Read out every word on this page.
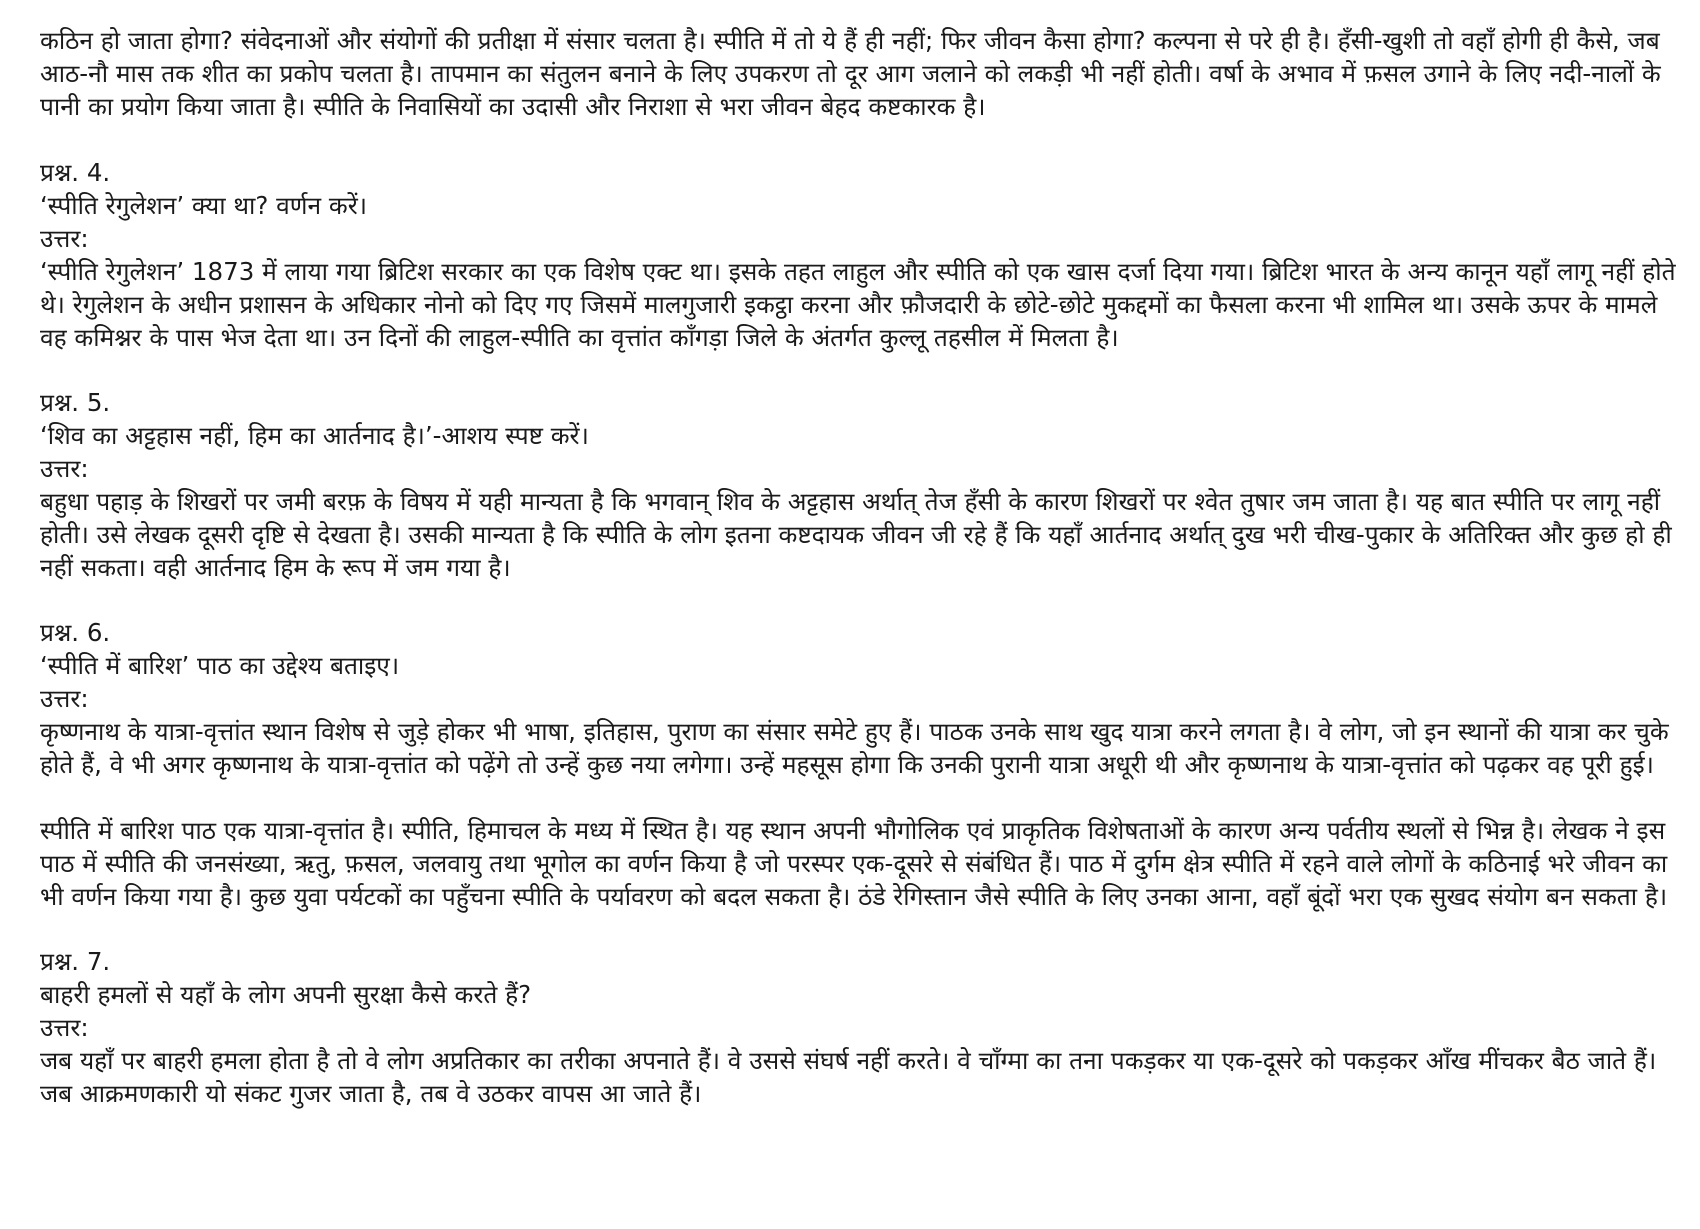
कठिन हो जाता होगा? संवेदनाओं और संयोगों की प्रतीक्षा में संसार चलता है। स्पीति में तो ये हैं ही नहीं; फिर जीवन कैसा होगा? कल्पना से परे ही है। हँसी-खुशी तो वहाँ होगी ही कैसे, जब आठ-नौ मास तक शीत का प्रकोप चलता है। तापमान का संतुलन बनाने के लिए उपकरण तो दूर आग जलाने को लकड़ी भी नहीं होती। वर्षा के अभाव में फ़सल उगाने के लिए नदी-नालों के पानी का प्रयोग किया जाता है। स्पीति के निवासियों का उदासी और निराशा से भरा जीवन बेहद कष्टकारक है।

प्रश्न. 4.

‘स्पीति रेगुलेशन’ क्या था? वर्णन करें।

उत्तर:

‘स्पीति रेगुलेशन’ 1873 में लाया गया ब्रिटिश सरकार का एक विशेष एक्ट था। इसके तहत लाहुल और स्पीति को एक खास दर्जा दिया गया। ब्रिटिश भारत के अन्य कानून यहाँ लागू नहीं होते थे। रेगुलेशन के अधीन प्रशासन के अधिकार नोनो को दिए गए जिसमें मालगुजारी इकट्ठा करना और फ़ौजदारी के छोटे-छोटे मुकद्दमों का फैसला करना भी शामिल था। उसके ऊपर के मामले वह कमिश्नर के पास भेज देता था। उन दिनों की लाहुल-स्पीति का वृत्तांत काँगड़ा जिले के अंतर्गत कुल्लू तहसील में मिलता है।

प्रश्न. 5.

‘शिव का अट्टहास नहीं, हिम का आर्तनाद है।’-आशय स्पष्ट करें।

उत्तर:

बहुधा पहाड़ के शिखरों पर जमी बरफ़ के विषय में यही मान्यता है कि भगवान् शिव के अट्टहास अर्थात् तेज हँसी के कारण शिखरों पर श्वेत तुषार जम जाता है। यह बात स्पीति पर लागू नहीं होती। उसे लेखक दूसरी दृष्टि से देखता है। उसकी मान्यता है कि स्पीति के लोग इतना कष्टदायक जीवन जी रहे हैं कि यहाँ आर्तनाद अर्थात् दुख भरी चीख-पुकार के अतिरिक्त और कुछ हो ही नहीं सकता। वही आर्तनाद हिम के रूप में जम गया है।

प्रश्न. 6.

‘स्पीति में बारिश’ पाठ का उद्देश्य बताइए।

उत्तर:

कृष्णनाथ के यात्रा-वृत्तांत स्थान विशेष से जुड़े होकर भी भाषा, इतिहास, पुराण का संसार समेटे हुए हैं। पाठक उनके साथ खुद यात्रा करने लगता है। वे लोग, जो इन स्थानों की यात्रा कर चुके होते हैं, वे भी अगर कृष्णनाथ के यात्रा-वृत्तांत को पढ़ेंगे तो उन्हें कुछ नया लगेगा। उन्हें महसूस होगा कि उनकी पुरानी यात्रा अधूरी थी और कृष्णनाथ के यात्रा-वृत्तांत को पढ़कर वह पूरी हुई।

स्पीति में बारिश पाठ एक यात्रा-वृत्तांत है। स्पीति, हिमाचल के मध्य में स्थित है। यह स्थान अपनी भौगोलिक एवं प्राकृतिक विशेषताओं के कारण अन्य पर्वतीय स्थलों से भिन्न है। लेखक ने इस पाठ में स्पीति की जनसंख्या, ऋतु, फ़सल, जलवायु तथा भूगोल का वर्णन किया है जो परस्पर एक-दूसरे से संबंधित हैं। पाठ में दुर्गम क्षेत्र स्पीति में रहने वाले लोगों के कठिनाई भरे जीवन का भी वर्णन किया गया है। कुछ युवा पर्यटकों का पहुँचना स्पीति के पर्यावरण को बदल सकता है। ठंडे रेगिस्तान जैसे स्पीति के लिए उनका आना, वहाँ बूंदों भरा एक सुखद संयोग बन सकता है।

प्रश्न. 7.

बाहरी हमलों से यहाँ के लोग अपनी सुरक्षा कैसे करते हैं?

उत्तर:

जब यहाँ पर बाहरी हमला होता है तो वे लोग अप्रतिकार का तरीका अपनाते हैं। वे उससे संघर्ष नहीं करते। वे चाँग्मा का तना पकड़कर या एक-दूसरे को पकड़कर आँख मींचकर बैठ जाते हैं। जब आक्रमणकारी यो संकट गुजर जाता है, तब वे उठकर वापस आ जाते हैं।
